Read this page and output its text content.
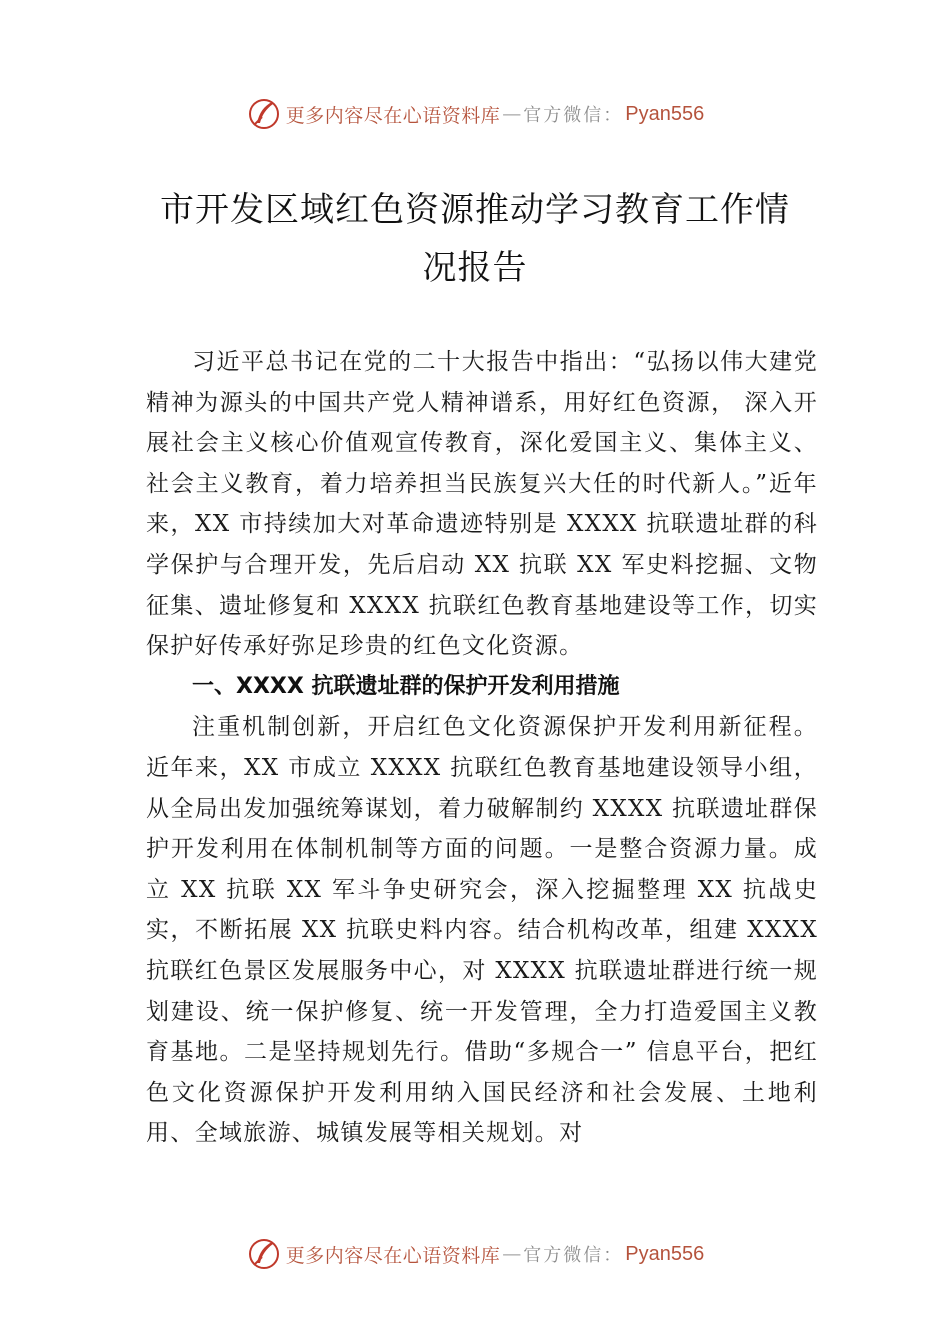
更多内容尽在心语资料库 — 官方微信： Pyan556
市开发区域红色资源推动学习教育工作情
况报告

习近平总书记在党的二十大报告中指出：“弘扬以伟大建党精神为源头的中国共产党人精神谱系，用好红色资源， 深入开展社会主义核心价值观宣传教育，深化爱国主义、集体主义、社会主义教育，着力培养担当民族复兴大任的时代新人。”近年来，XX 市持续加大对革命遗迹特别是 XXXX 抗联遗址群的科学保护与合理开发，先后启动 XX 抗联 XX 军史料挖掘、文物征集、遗址修复和 XXXX 抗联红色教育基地建设等工作，切实保护好传承好弥足珍贵的红色文化资源。

一、XXXX 抗联遗址群的保护开发利用措施

注重机制创新，开启红色文化资源保护开发利用新征程。近年来，XX 市成立 XXXX 抗联红色教育基地建设领导小组，从全局出发加强统筹谋划，着力破解制约 XXXX 抗联遗址群保护开发利用在体制机制等方面的问题。一是整合资源力量。成立 XX 抗联 XX 军斗争史研究会，深入挖掘整理 XX 抗战史实，不断拓展 XX 抗联史料内容。结合机构改革，组建 XXXX 抗联红色景区发展服务中心，对 XXXX 抗联遗址群进行统一规划建设、统一保护修复、统一开发管理，全力打造爱国主义教育基地。二是坚持规划先行。借助“多规合一” 信息平台，把红色文化资源保护开发利用纳入国民经济和社会发展、土地利用、全域旅游、城镇发展等相关规划。对

更多内容尽在心语资料库 — 官方微信： Pyan556
